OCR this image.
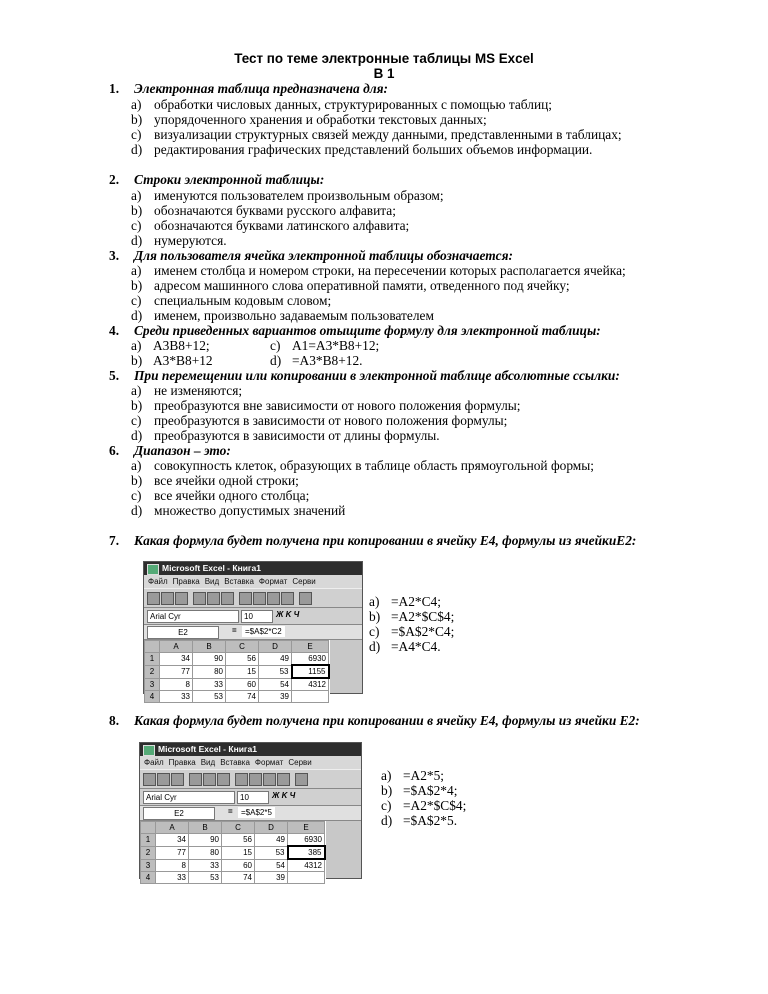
Тест по теме электронные таблицы MS Excel
В 1
1. Электронная таблица предназначена для:
a) обработки числовых данных, структурированных с помощью таблиц;
b) упорядоченного хранения и обработки текстовых данных;
c) визуализации структурных связей между данными, представленными в таблицах;
d) редактирования графических представлений больших объемов информации.
2. Строки электронной таблицы:
a) именуются пользователем произвольным образом;
b) обозначаются буквами русского алфавита;
c) обозначаются буквами латинского алфавита;
d) нумеруются.
3. Для пользователя ячейка электронной таблицы обозначается:
a) именем столбца и номером строки, на пересечении которых располагается ячейка;
b) адресом машинного слова оперативной памяти, отведенного под ячейку;
c) специальным кодовым словом;
d) именем, произвольно задаваемым пользователем
4. Среди приведенных вариантов отыщите формулу для электронной таблицы:
a) A3B8+12;	c) A1=A3*B8+12;
b) A3*B8+12	d) =A3*B8+12.
5. При перемещении или копировании в электронной таблице абсолютные ссылки:
a) не изменяются;
b) преобразуются вне зависимости от нового положения формулы;
c) преобразуются в зависимости от нового положения формулы;
d) преобразуются в зависимости от длины формулы.
6. Диапазон – это:
a) совокупность клеток, образующих в таблице область прямоугольной формы;
b) все ячейки одной строки;
c) все ячейки одного столбца;
d) множество допустимых значений
7. Какая формула будет получена при копировании в ячейку Е4, формулы из ячейкиЕ2:
Microsoft Excel - Книга1
Файл Правка Вид Вставка Формат Серви
Arial Cyr	10	Ж K Ч
E2	=	=$A$2*C2
	A	B	C	D	E
1	34	90	56	49	6930
2	77	80	15	53	1155
3	8	33	60	54	4312
4	33	53	74	39	
a) =A2*C4;
b) =A2*$C$4;
c) =$A$2*C4;
d) =A4*C4.
8. Какая формула будет получена при копировании в ячейку Е4, формулы из ячейки Е2:
Microsoft Excel - Книга1
Файл Правка Вид Вставка Формат Серви
Arial Cyr	10	Ж K Ч
E2	=	=$A$2*5
	A	B	C	D	E
1	34	90	56	49	6930
2	77	80	15	53	385
3	8	33	60	54	4312
4	33	53	74	39	
a) =A2*5;
b) =$A$2*4;
c) =A2*$C$4;
d) =$A$2*5.
